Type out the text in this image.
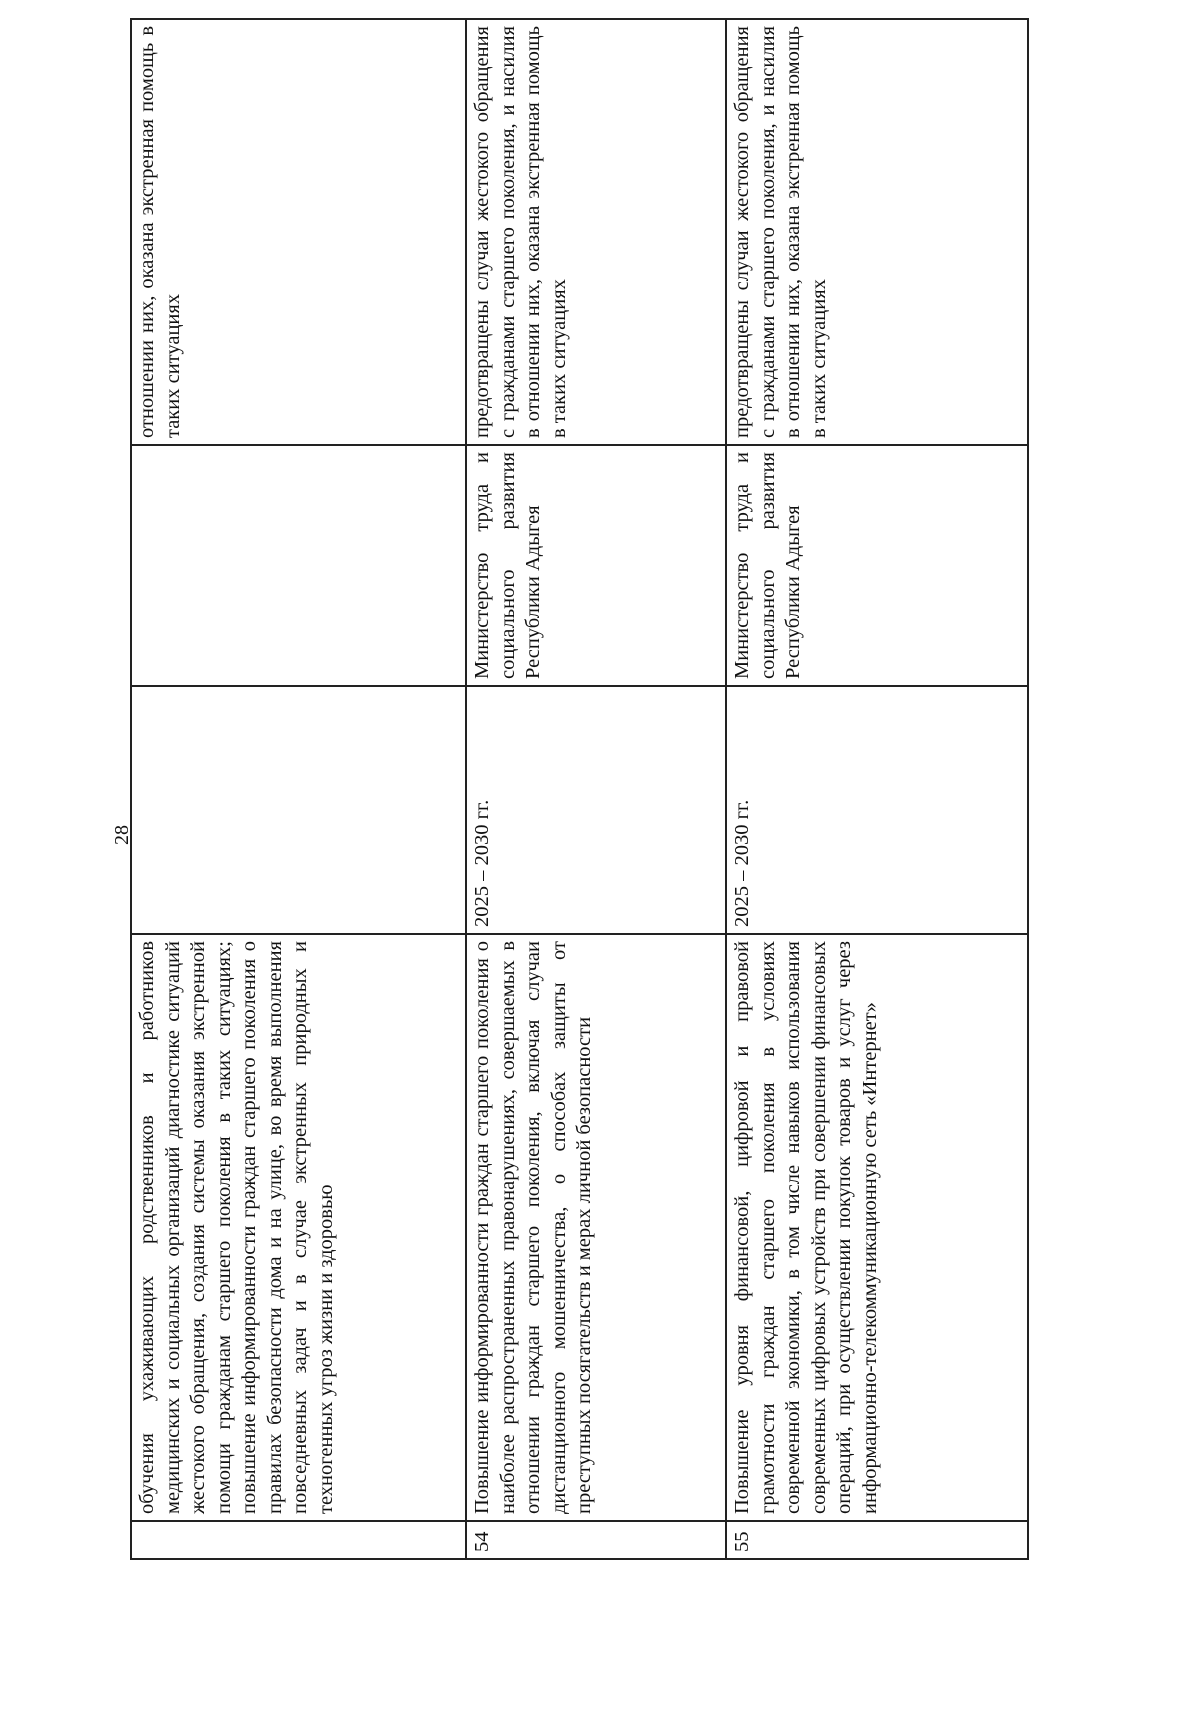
28
	обучения ухаживающих родственников и работников медицинских и социальных организаций диагностике ситуаций жестокого обращения, создания системы оказания экстренной помощи гражданам старшего поколения в таких ситуациях; повышение информированности граждан старшего поколения о правилах безопасности дома и на улице, во время выполнения повседневных задач и в случае экстренных природных и техногенных угроз жизни и здоровью			отношении них, оказана экстренная помощь в таких ситуациях
54	Повышение информированности граждан старшего поколения о наиболее распространенных правонарушениях, совершаемых в отношении граждан старшего поколения, включая случаи дистанционного мошенничества, о способах защиты от преступных посягательств и мерах личной безопасности	2025 – 2030 гг.	Министерство труда и социального развития Республики Адыгея	предотвращены случаи жестокого обращения с гражданами старшего поколения, и насилия в отношении них, оказана экстренная помощь в таких ситуациях
55	Повышение уровня финансовой, цифровой и правовой грамотности граждан старшего поколения в условиях современной экономики, в том числе навыков использования современных цифровых устройств при совершении финансовых операций, при осуществлении покупок товаров и услуг через информационно-телекоммуникационную сеть «Интернет»	2025 – 2030 гг.	Министерство труда и социального развития Республики Адыгея	предотвращены случаи жестокого обращения с гражданами старшего поколения, и насилия в отношении них, оказана экстренная помощь в таких ситуациях
